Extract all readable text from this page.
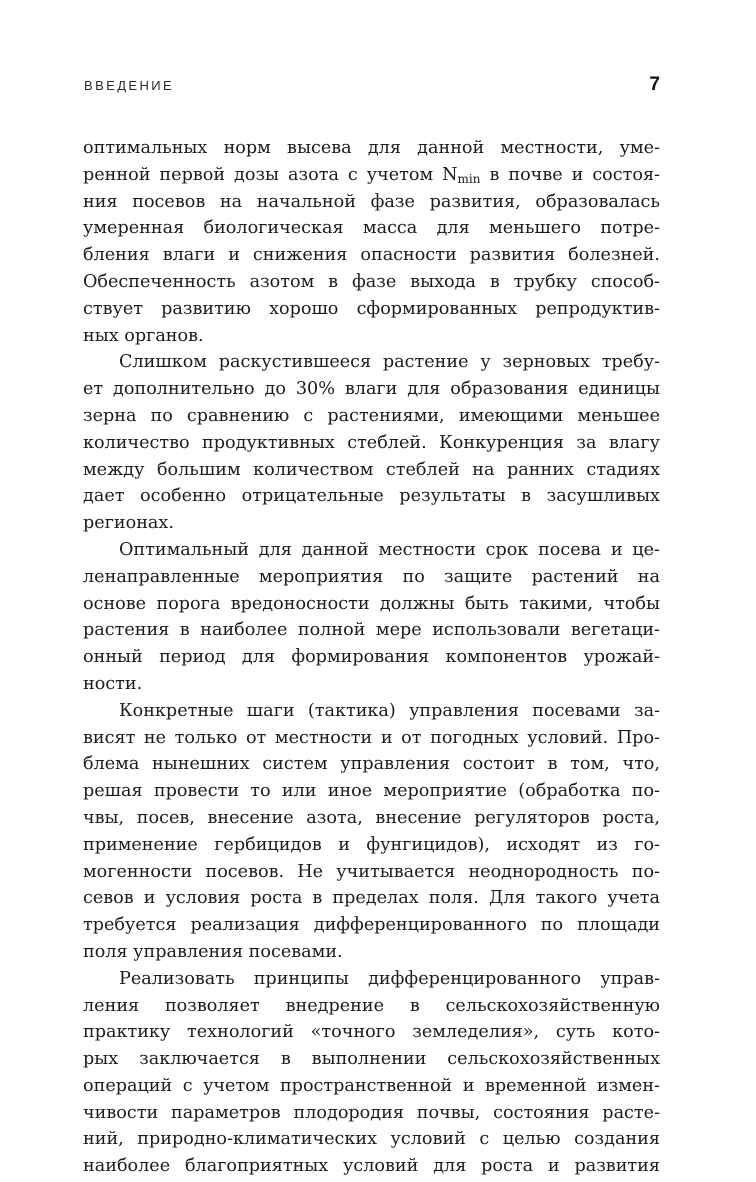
ВВЕДЕНИЕ	7
оптимальных норм высева для данной местности, уме-
ренной первой дозы азота с учетом $N_{min}$ в почве и состоя-
ния посевов на начальной фазе развития, образовалась
умеренная биологическая масса для меньшего потре-
бления влаги и снижения опасности развития болезней.
Обеспеченность азотом в фазе выхода в трубку способ-
ствует развитию хорошо сформированных репродуктив-
ных органов.
Слишком раскустившееся растение у зерновых требу-
ет дополнительно до 30% влаги для образования единицы
зерна по сравнению с растениями, имеющими меньшее
количество продуктивных стеблей. Конкуренция за влагу
между большим количеством стеблей на ранних стадиях
дает особенно отрицательные результаты в засушливых
регионах.
Оптимальный для данной местности срок посева и це-
ленаправленные мероприятия по защите растений на
основе порога вредоносности должны быть такими, чтобы
растения в наиболее полной мере использовали вегетаци-
онный период для формирования компонентов урожай-
ности.
Конкретные шаги (тактика) управления посевами за-
висят не только от местности и от погодных условий. Про-
блема нынешних систем управления состоит в том, что,
решая провести то или иное мероприятие (обработка по-
чвы, посев, внесение азота, внесение регуляторов роста,
применение гербицидов и фунгицидов), исходят из го-
могенности посевов. Не учитывается неоднородность по-
севов и условия роста в пределах поля. Для такого учета
требуется реализация дифференцированного по площади
поля управления посевами.
Реализовать принципы дифференцированного управ-
ления позволяет внедрение в сельскохозяйственную
практику технологий «точного земледелия», суть кото-
рых заключается в выполнении сельскохозяйственных
операций с учетом пространственной и временной измен-
чивости параметров плодородия почвы, состояния расте-
ний, природно-климатических условий с целью создания
наиболее благоприятных условий для роста и развития
